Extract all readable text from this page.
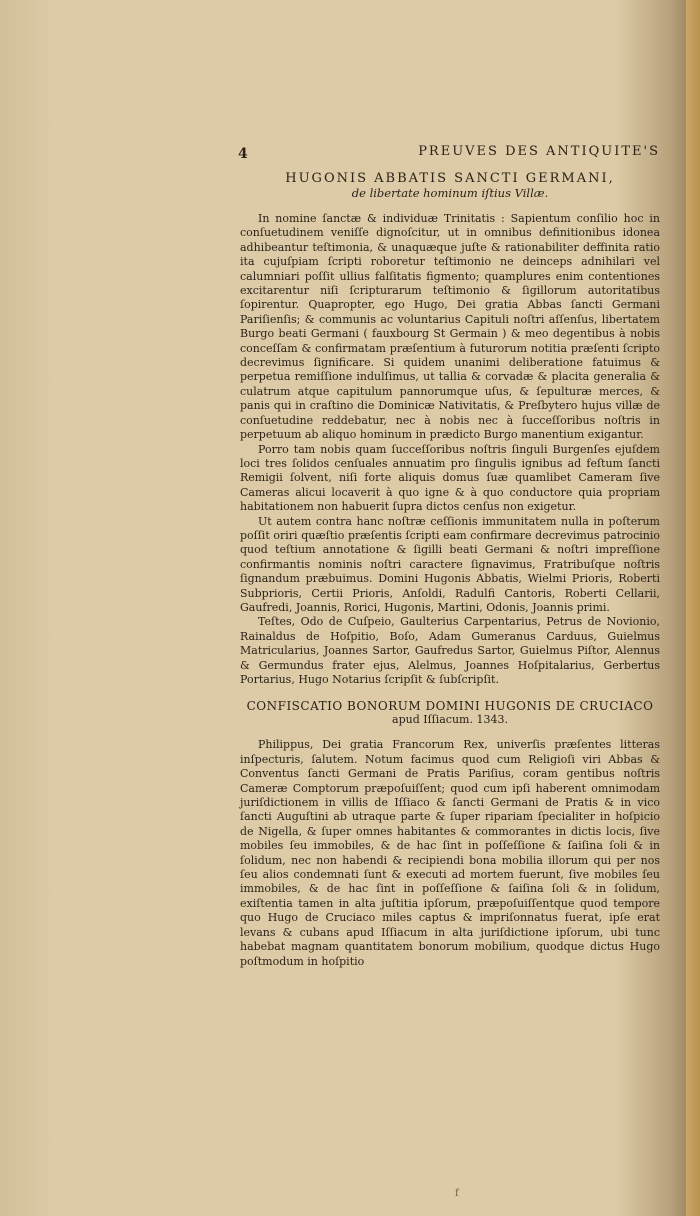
4	PREUVES DES ANTIQUITE'S
HUGONIS ABBATIS SANCTI GERMANI,
de libertate hominum iſtius Villæ.

In nomine ſanctæ & individuæ Trinitatis : Sapientum conſilio hoc in conſuetudinem veniſſe dignoſcitur, ut in omnibus definitionibus idonea adhibeantur teſtimonia, & unaquæque juſte & rationabiliter deffinita ratio ita cujuſpiam ſcripti roboretur teſtimonio ne deinceps adnihilari vel calumniari poſſit ullius falſitatis figmento; quamplures enim contentiones excitarentur niſi ſcripturarum teſtimonio & ſigillorum autoritatibus ſopirentur. Quapropter, ego Hugo, Dei gratia Abbas ſancti Germani Pariſienſis; & communis ac voluntarius Capituli noſtri aſſenſus, libertatem Burgo beati Germani ( fauxbourg St Germain ) & meo degentibus à nobis conceſſam & confirmatam præſentium à futurorum notitia præſenti ſcripto decrevimus ſignificare. Si quidem unanimi deliberatione fatuimus & perpetua remiſſione indulſimus, ut tallia & corvadæ & placita generalia & culatrum atque capitulum pannorumque uſus, & ſepulturæ merces, & panis qui in craſtino die Dominicæ Nativitatis, & Preſbytero hujus villæ de conſuetudine reddebatur, nec à nobis nec à ſucceſſoribus noſtris in perpetuum ab aliquo hominum in prædicto Burgo manentium exigantur.

Porro tam nobis quam ſucceſſoribus noſtris ſinguli Burgenſes ejuſdem loci tres ſolidos cenſuales annuatim pro ſingulis ignibus ad feſtum ſancti Remigii ſolvent, niſi forte aliquis domus ſuæ quamlibet Cameram ſive Cameras alicui locaverit à quo igne & à quo conductore quia propriam habitationem non habuerit ſupra dictos cenſus non exigetur.

Ut autem contra hanc noſtræ ceſſionis immunitatem nulla in poſterum poſſit oriri quæſtio præſentis ſcripti eam confirmare decrevimus patrocinio quod teſtium annotatione & ſigilli beati Germani & noſtri impreſſione confirmantis nominis noſtri caractere ſignavimus, Fratribuſque noſtris ſignandum præbuimus. Domini Hugonis Abbatis, Wielmi Prioris, Roberti Subprioris, Certii Prioris, Anſoldi, Radulfi Cantoris, Roberti Cellarii, Gaufredi, Joannis, Rorici, Hugonis, Martini, Odonis, Joannis primi.

Teſtes, Odo de Cuſpeio, Gaulterius Carpentarius, Petrus de Novionio, Rainaldus de Hoſpitio, Boſo, Adam Gumeranus Carduus, Guielmus Matricularius, Joannes Sartor, Gaufredus Sartor, Guielmus Piſtor, Alennus & Germundus frater ejus, Alelmus, Joannes Hoſpitalarius, Gerbertus Portarius, Hugo Notarius ſcripſit & ſubſcripſit.

CONFISCATIO BONORUM DOMINI HUGONIS DE CRUCIACO
apud Iſſiacum. 1343.

Philippus, Dei gratia Francorum Rex, univerſis præſentes litteras inſpecturis, ſalutem. Notum facimus quod cum Religioſi viri Abbas & Conventus ſancti Germani de Pratis Pariſius, coram gentibus noſtris Cameræ Comptorum præpoſuiſſent; quod cum ipſi haberent omnimodam juriſdictionem in villis de Iſſiaco & ſancti Germani de Pratis & in vico ſancti Auguſtini ab utraque parte & ſuper ripariam ſpecialiter in hoſpicio de Nigella, & ſuper omnes habitantes & commorantes in dictis locis, ſive mobiles ſeu immobiles, & de hac ſint in poſſeſſione & ſaiſina ſoli & in ſolidum, nec non habendi & recipiendi bona mobilia illorum qui per nos ſeu alios condemnati ſunt & executi ad mortem fuerunt, ſive mobiles ſeu immobiles, & de hac ſint in poſſeſſione & ſaiſina ſoli & in ſolidum, exiſtentia tamen in alta juſtitia ipſorum, præpoſuiſſentque quod tempore quo Hugo de Cruciaco miles captus & impriſonnatus fuerat, ipſe erat levans & cubans apud Iſſiacum in alta juriſdictione ipſorum, ubi tunc habebat magnam quantitatem bonorum mobilium, quodque dictus Hugo poſtmodum in hoſpitio

f
